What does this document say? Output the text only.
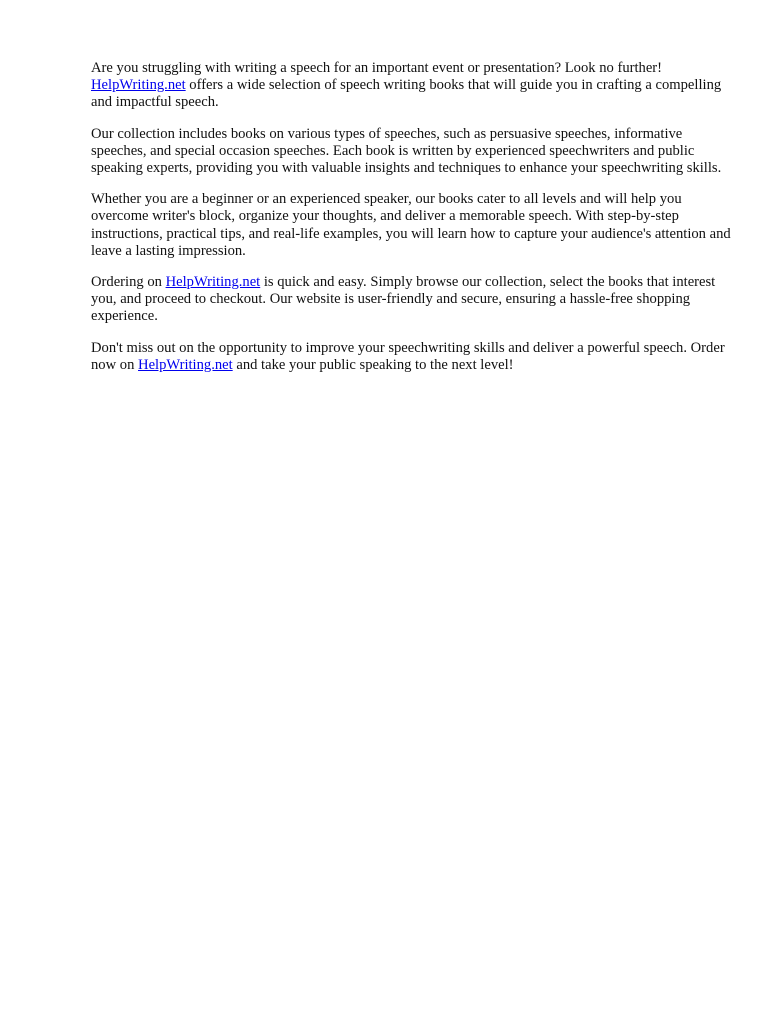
Are you struggling with writing a speech for an important event or presentation? Look no further! HelpWriting.net offers a wide selection of speech writing books that will guide you in crafting a compelling and impactful speech.

Our collection includes books on various types of speeches, such as persuasive speeches, informative speeches, and special occasion speeches. Each book is written by experienced speechwriters and public speaking experts, providing you with valuable insights and techniques to enhance your speechwriting skills.

Whether you are a beginner or an experienced speaker, our books cater to all levels and will help you overcome writer's block, organize your thoughts, and deliver a memorable speech. With step-by-step instructions, practical tips, and real-life examples, you will learn how to capture your audience's attention and leave a lasting impression.

Ordering on HelpWriting.net is quick and easy. Simply browse our collection, select the books that interest you, and proceed to checkout. Our website is user-friendly and secure, ensuring a hassle-free shopping experience.

Don't miss out on the opportunity to improve your speechwriting skills and deliver a powerful speech. Order now on HelpWriting.net and take your public speaking to the next level!
